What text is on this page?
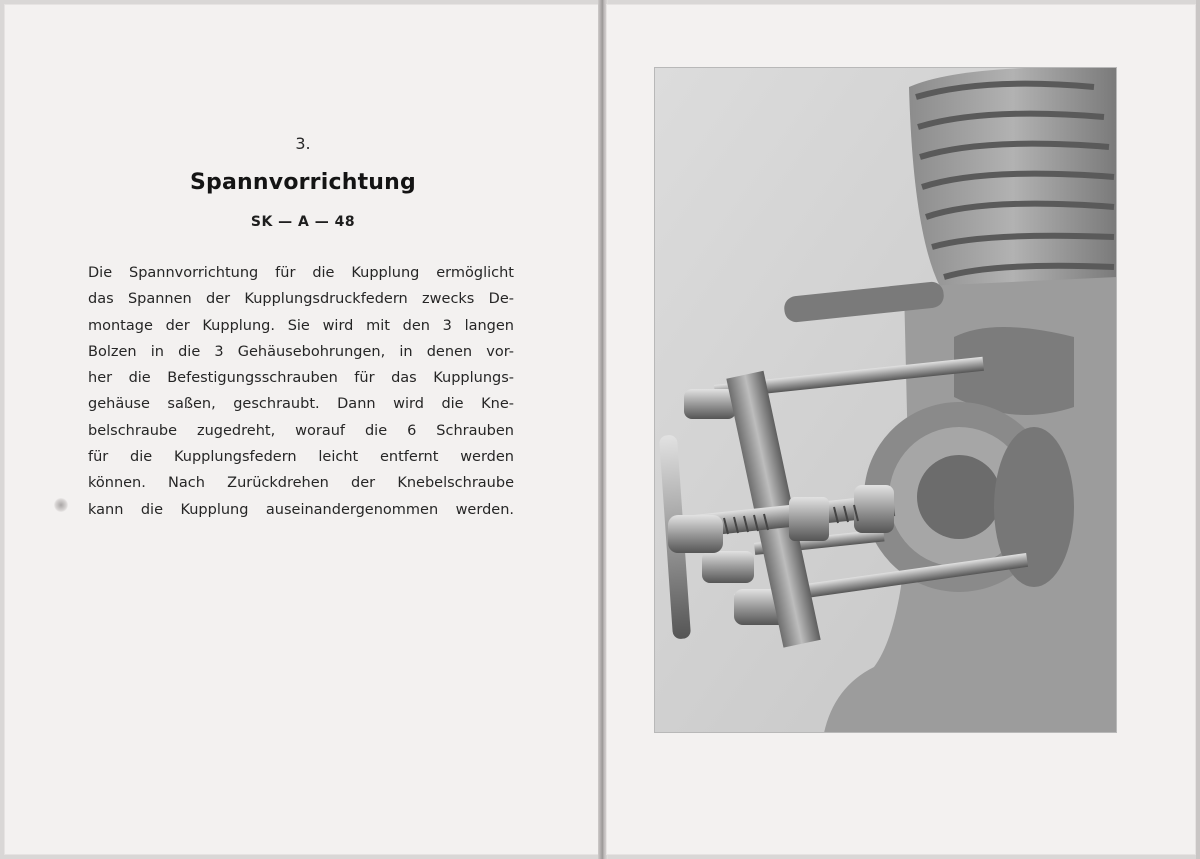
3.
Spannvorrichtung
SK — A — 48
Die Spannvorrichtung für die Kupplung ermöglicht
das Spannen der Kupplungsdruckfedern zwecks De-
montage der Kupplung. Sie wird mit den 3 langen
Bolzen in die 3 Gehäusebohrungen, in denen vor-
her die Befestigungsschrauben für das Kupplungs-
gehäuse saßen, geschraubt. Dann wird die Kne-
belschraube zugedreht, worauf die 6 Schrauben
für die Kupplungsfedern leicht entfernt werden
können. Nach Zurückdrehen der Knebelschraube
kann die Kupplung auseinandergenommen werden.
